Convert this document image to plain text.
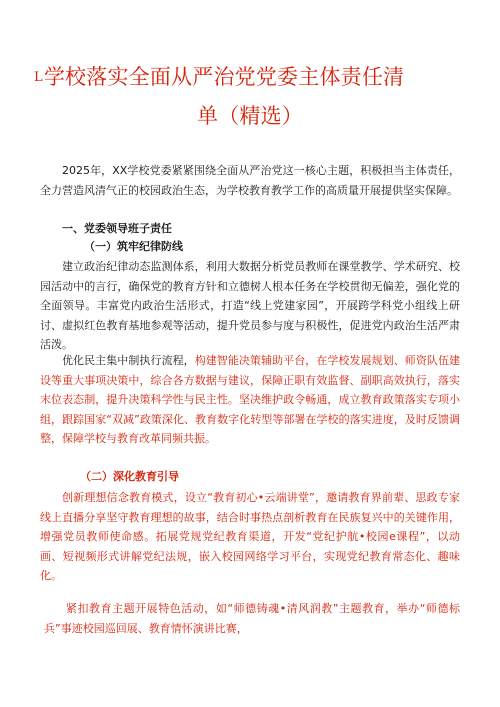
L学校落实全面从严治党党委主体责任清
单（精选）
2025年，XX学校党委紧紧围绕全面从严治党这一核心主题，积极担当主体责任，全力营造风清气正的校园政治生态，为学校教育教学工作的高质量开展提供坚实保障。
一、党委领导班子责任
（一）筑牢纪律防线
建立政治纪律动态监测体系，利用大数据分析党员教师在课堂教学、学术研究、校园活动中的言行，确保党的教育方针和立德树人根本任务在学校贯彻无偏差，强化党的全面领导。丰富党内政治生活形式，打造“线上党建家园”，开展跨学科党小组线上研讨、虚拟红色教育基地参观等活动，提升党员参与度与积极性，促进党内政治生活严肃活泼。
优化民主集中制执行流程，构建智能决策辅助平台，在学校发展规划、师资队伍建设等重大事项决策中，综合各方数据与建议，保障正职有效监督、副职高效执行，落实末位表态制，提升决策科学性与民主性。坚决维护政令畅通，成立教育政策落实专项小组，跟踪国家“双减”政策深化、教育数字化转型等部署在学校的落实进度，及时反馈调整，保障学校与教育改革同频共振。
（二）深化教育引导
创新理想信念教育模式，设立“教育初心•云端讲堂”，邀请教育界前辈、思政专家线上直播分享坚守教育理想的故事，结合时事热点剖析教育在民族复兴中的关键作用，增强党员教师使命感。拓展党规党纪教育渠道，开发“党纪护航•校园e课程”，以动画、短视频形式讲解党纪法规，嵌入校园网络学习平台，实现党纪教育常态化、趣味化。
紧扣教育主题开展特色活动，如“师德铸魂•清风润教”主题教育，举办“师德标兵”事迹校园巡回展、教育情怀演讲比赛，
